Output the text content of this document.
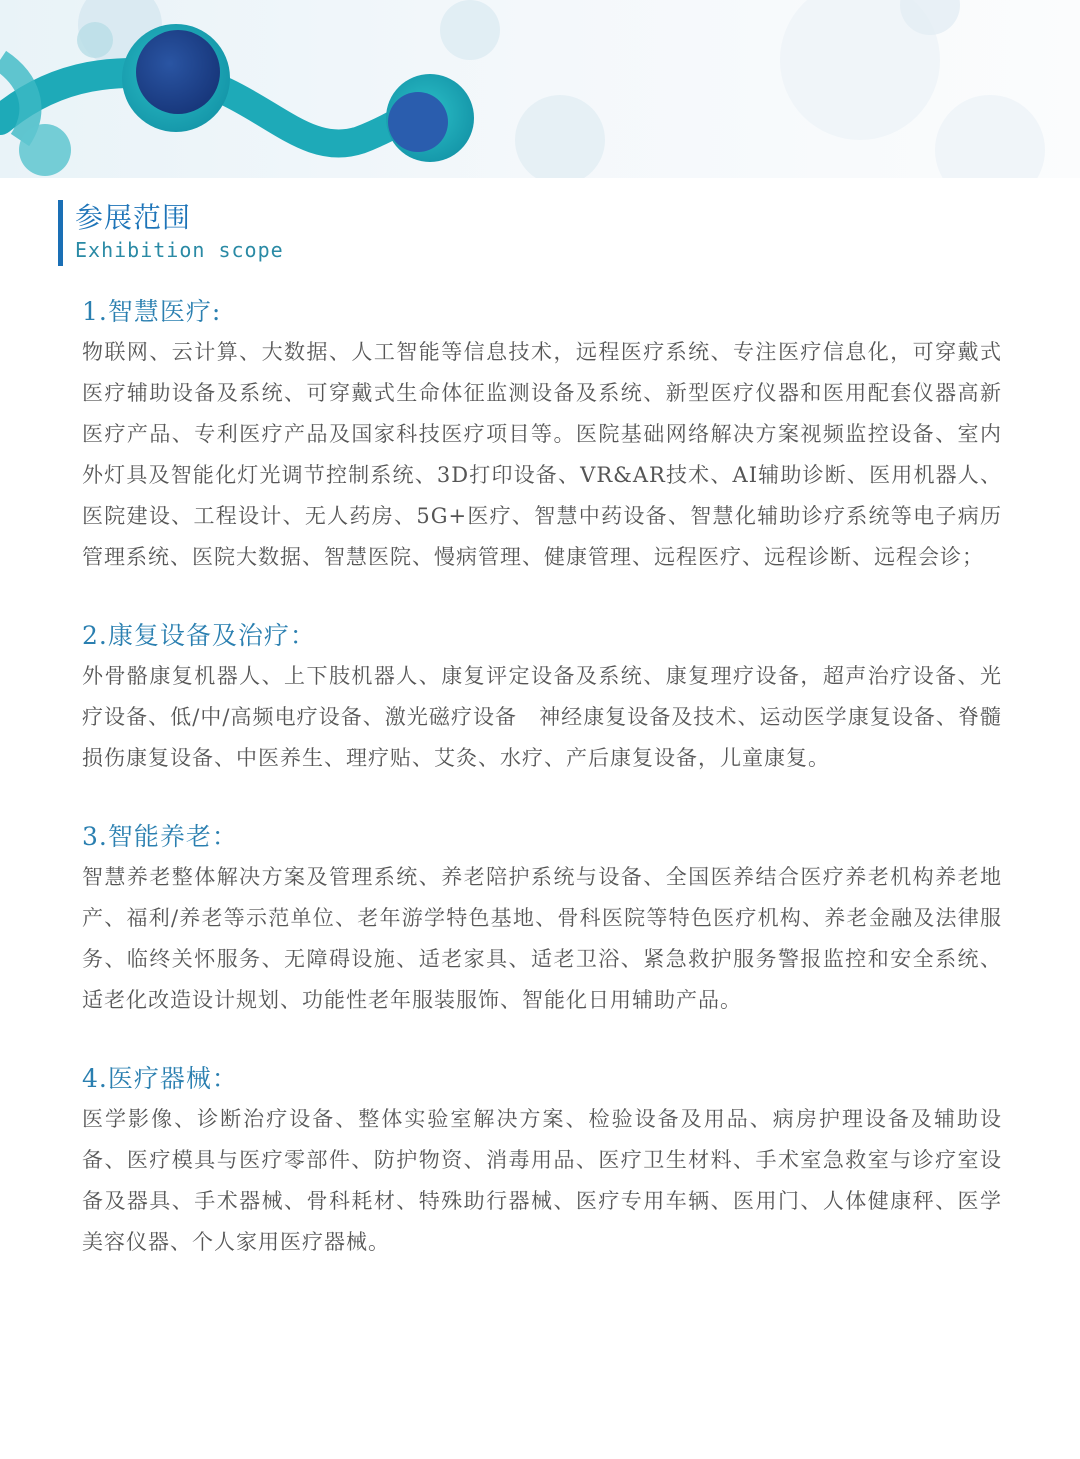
参展范围
Exhibition scope
1.智慧医疗:
物联网、云计算、大数据、人工智能等信息技术，远程医疗系统、专注医疗信息化，可穿戴式医疗辅助设备及系统、可穿戴式生命体征监测设备及系统、新型医疗仪器和医用配套仪器高新医疗产品、专利医疗产品及国家科技医疗项目等。医院基础网络解决方案视频监控设备、室内外灯具及智能化灯光调节控制系统、3D打印设备、VR&AR技术、AI辅助诊断、医用机器人、医院建设、工程设计、无人药房、5G+医疗、智慧中药设备、智慧化辅助诊疗系统等电子病历管理系统、医院大数据、智慧医院、慢病管理、健康管理、远程医疗、远程诊断、远程会诊；
2.康复设备及治疗：
外骨骼康复机器人、上下肢机器人、康复评定设备及系统、康复理疗设备，超声治疗设备、光疗设备、低/中/高频电疗设备、激光磁疗设备　神经康复设备及技术、运动医学康复设备、脊髓损伤康复设备、中医养生、理疗贴、艾灸、水疗、产后康复设备，儿童康复。
3.智能养老：
智慧养老整体解决方案及管理系统、养老陪护系统与设备、全国医养结合医疗养老机构养老地产、福利/养老等示范单位、老年游学特色基地、骨科医院等特色医疗机构、养老金融及法律服务、临终关怀服务、无障碍设施、适老家具、适老卫浴、紧急救护服务警报监控和安全系统、适老化改造设计规划、功能性老年服装服饰、智能化日用辅助产品。
4.医疗器械：
医学影像、诊断治疗设备、整体实验室解决方案、检验设备及用品、病房护理设备及辅助设备、医疗模具与医疗零部件、防护物资、消毒用品、医疗卫生材料、手术室急救室与诊疗室设备及器具、手术器械、骨科耗材、特殊助行器械、医疗专用车辆、医用门、人体健康秤、医学美容仪器、个人家用医疗器械。
